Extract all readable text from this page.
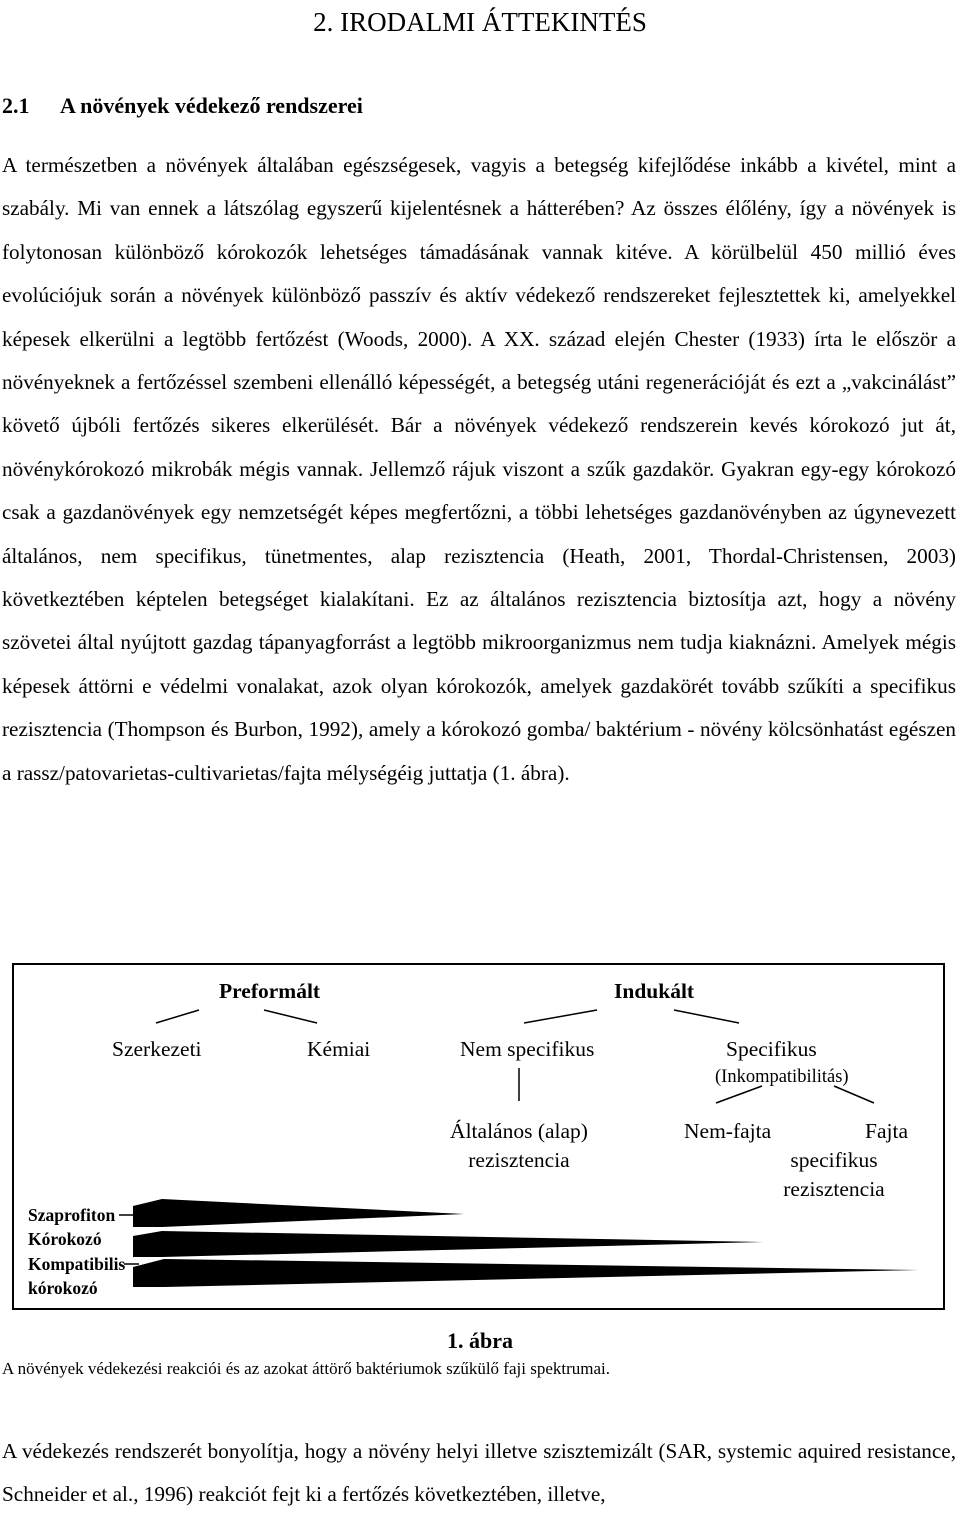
2. IRODALMI ÁTTEKINTÉS
2.1 A növények védekező rendszerei

A természetben a növények általában egészségesek, vagyis a betegség kifejlődése inkább a kivétel, mint a szabály. Mi van ennek a látszólag egyszerű kijelentésnek a hátterében? Az összes élőlény, így a növények is folytonosan különböző kórokozók lehetséges támadásának vannak kitéve. A körülbelül 450 millió éves evolúciójuk során a növények különböző passzív és aktív védekező rendszereket fejlesztettek ki, amelyekkel képesek elkerülni a legtöbb fertőzést (Woods, 2000). A XX. század elején Chester (1933) írta le először a növényeknek a fertőzéssel szembeni ellenálló képességét, a betegség utáni regenerációját és ezt a „vakcinálást” követő újbóli fertőzés sikeres elkerülését. Bár a növények védekező rendszerein kevés kórokozó jut át, növénykórokozó mikrobák mégis vannak. Jellemző rájuk viszont a szűk gazdakör. Gyakran egy-egy kórokozó csak a gazdanövények egy nemzetségét képes megfertőzni, a többi lehetséges gazdanövényben az úgynevezett általános, nem specifikus, tünetmentes, alap rezisztencia (Heath, 2001, Thordal-Christensen, 2003) következtében képtelen betegséget kialakítani. Ez az általános rezisztencia biztosítja azt, hogy a növény szövetei által nyújtott gazdag tápanyagforrást a legtöbb mikroorganizmus nem tudja kiaknázni. Amelyek mégis képesek áttörni e védelmi vonalakat, azok olyan kórokozók, amelyek gazdakörét tovább szűkíti a specifikus rezisztencia (Thompson és Burbon, 1992), amely a kórokozó gomba/ baktérium - növény kölcsönhatást egészen a rassz/patovarietas-cultivarietas/fajta mélységéig juttatja (1. ábra).

Preformált	Indukált
Szerkezeti	Kémiai	Nem specifikus	Specifikus
(Inkompatibilitás)
Általános (alap)
rezisztencia
Nem-fajta	Fajta
specifikus
rezisztencia
Szaprofiton
Kórokozó
Kompatibilis
kórokozó

1. ábra

A növények védekezési reakciói és az azokat áttörő baktériumok szűkülő faji spektrumai.

A védekezés rendszerét bonyolítja, hogy a növény helyi illetve szisztemizált (SAR, systemic aquired resistance, Schneider et al., 1996) reakciót fejt ki a fertőzés következtében, illetve,
